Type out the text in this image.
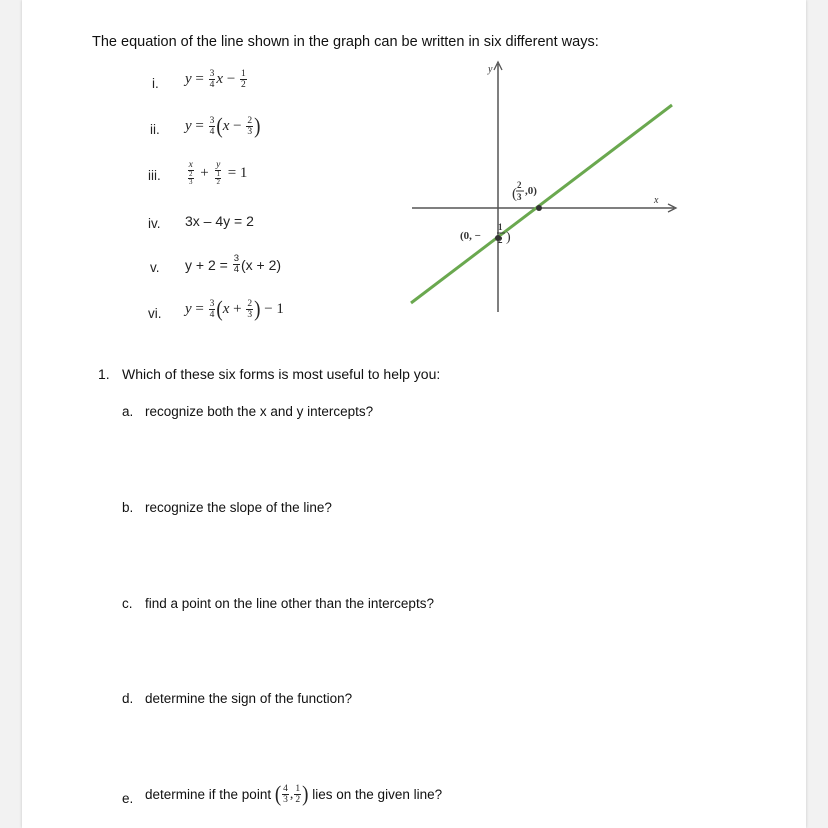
The equation of the line shown in the graph can be written in six different ways:
i. $y = \frac{3}{4}$ $x - \frac{1}{2}$
ii. $y = \frac{3}{4}$ ( $x - \frac{2}{3}$ )
iii.	$\frac{x}{\frac{2}{3}} + \frac{y}{\frac{1}{2}} = 1$
iv. 3x – 4y = 2
v. $y + 2 = \frac{3}{4} (x + 2)$
vi. $y = \frac{3}{4}$ ( $x + \frac{2}{3}$ ) − 1
y
x
(
2
3 ,0)
(0, −
1
2 )
1. Which of these six forms is most useful to help you:
a. recognize both the x and y intercepts?
b. recognize the slope of the line?
c. find a point on the line other than the intercepts?
d. determine the sign of the function?
e. determine if the point
( $\frac{4}{3}$ , $\frac{1}{2}$ )
lies on the given line?
